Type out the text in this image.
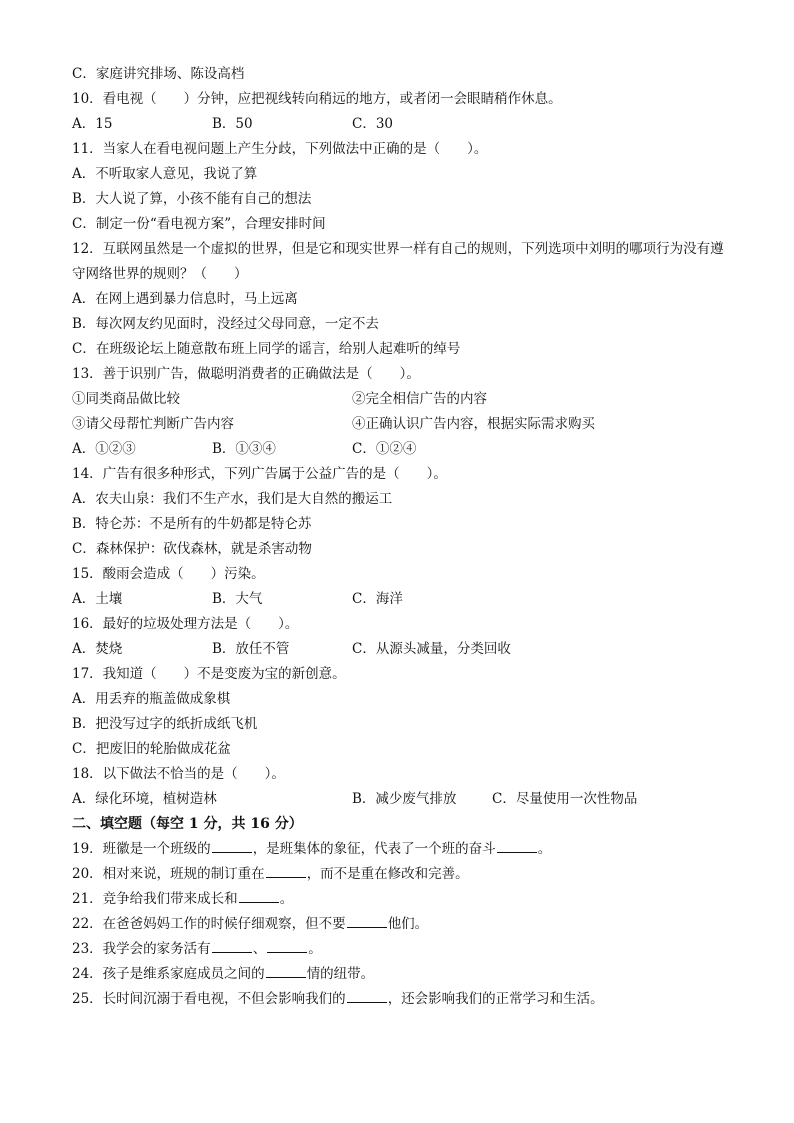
C．家庭讲究排场、陈设高档
10．看电视（　　）分钟，应把视线转向稍远的地方，或者闭一会眼睛稍作休息。
A．15	B．50	C．30
11．当家人在看电视问题上产生分歧，下列做法中正确的是（　　）。
A．不听取家人意见，我说了算
B．大人说了算，小孩不能有自己的想法
C．制定一份“看电视方案”，合理安排时间
12．互联网虽然是一个虚拟的世界，但是它和现实世界一样有自己的规则，下列选项中刘明的哪项行为没有遵守网络世界的规则？（　　）
A．在网上遇到暴力信息时，马上远离
B．每次网友约见面时，没经过父母同意，一定不去
C．在班级论坛上随意散布班上同学的谣言，给别人起难听的绰号
13．善于识别广告，做聪明消费者的正确做法是（　　）。
①同类商品做比较	②完全相信广告的内容
③请父母帮忙判断广告内容	④正确认识广告内容，根据实际需求购买
A．①②③	B．①③④	C．①②④
14．广告有很多种形式，下列广告属于公益广告的是（　　）。
A．农夫山泉：我们不生产水，我们是大自然的搬运工
B．特仑苏：不是所有的牛奶都是特仑苏
C．森林保护：砍伐森林，就是杀害动物
15．酸雨会造成（　　）污染。
A．土壤	B．大气	C．海洋
16．最好的垃圾处理方法是（　　）。
A．焚烧	B．放任不管	C．从源头减量，分类回收
17．我知道（　　）不是变废为宝的新创意。
A．用丢弃的瓶盖做成象棋
B．把没写过字的纸折成纸飞机
C．把废旧的轮胎做成花盆
18．以下做法不恰当的是（　　）。
A．绿化环境，植树造林	B．减少废气排放	C．尽量使用一次性物品
二、填空题（每空 1 分，共 16 分）
19．班徽是一个班级的	，是班集体的象征，代表了一个班的奋斗	。
20．相对来说，班规的制订重在	，而不是重在修改和完善。
21．竞争给我们带来成长和	。
22．在爸爸妈妈工作的时候仔细观察，但不要	他们。
23．我学会的家务活有	、	。
24．孩子是维系家庭成员之间的	情的纽带。
25．长时间沉溺于看电视，不但会影响我们的	，还会影响我们的正常学习和生活。
